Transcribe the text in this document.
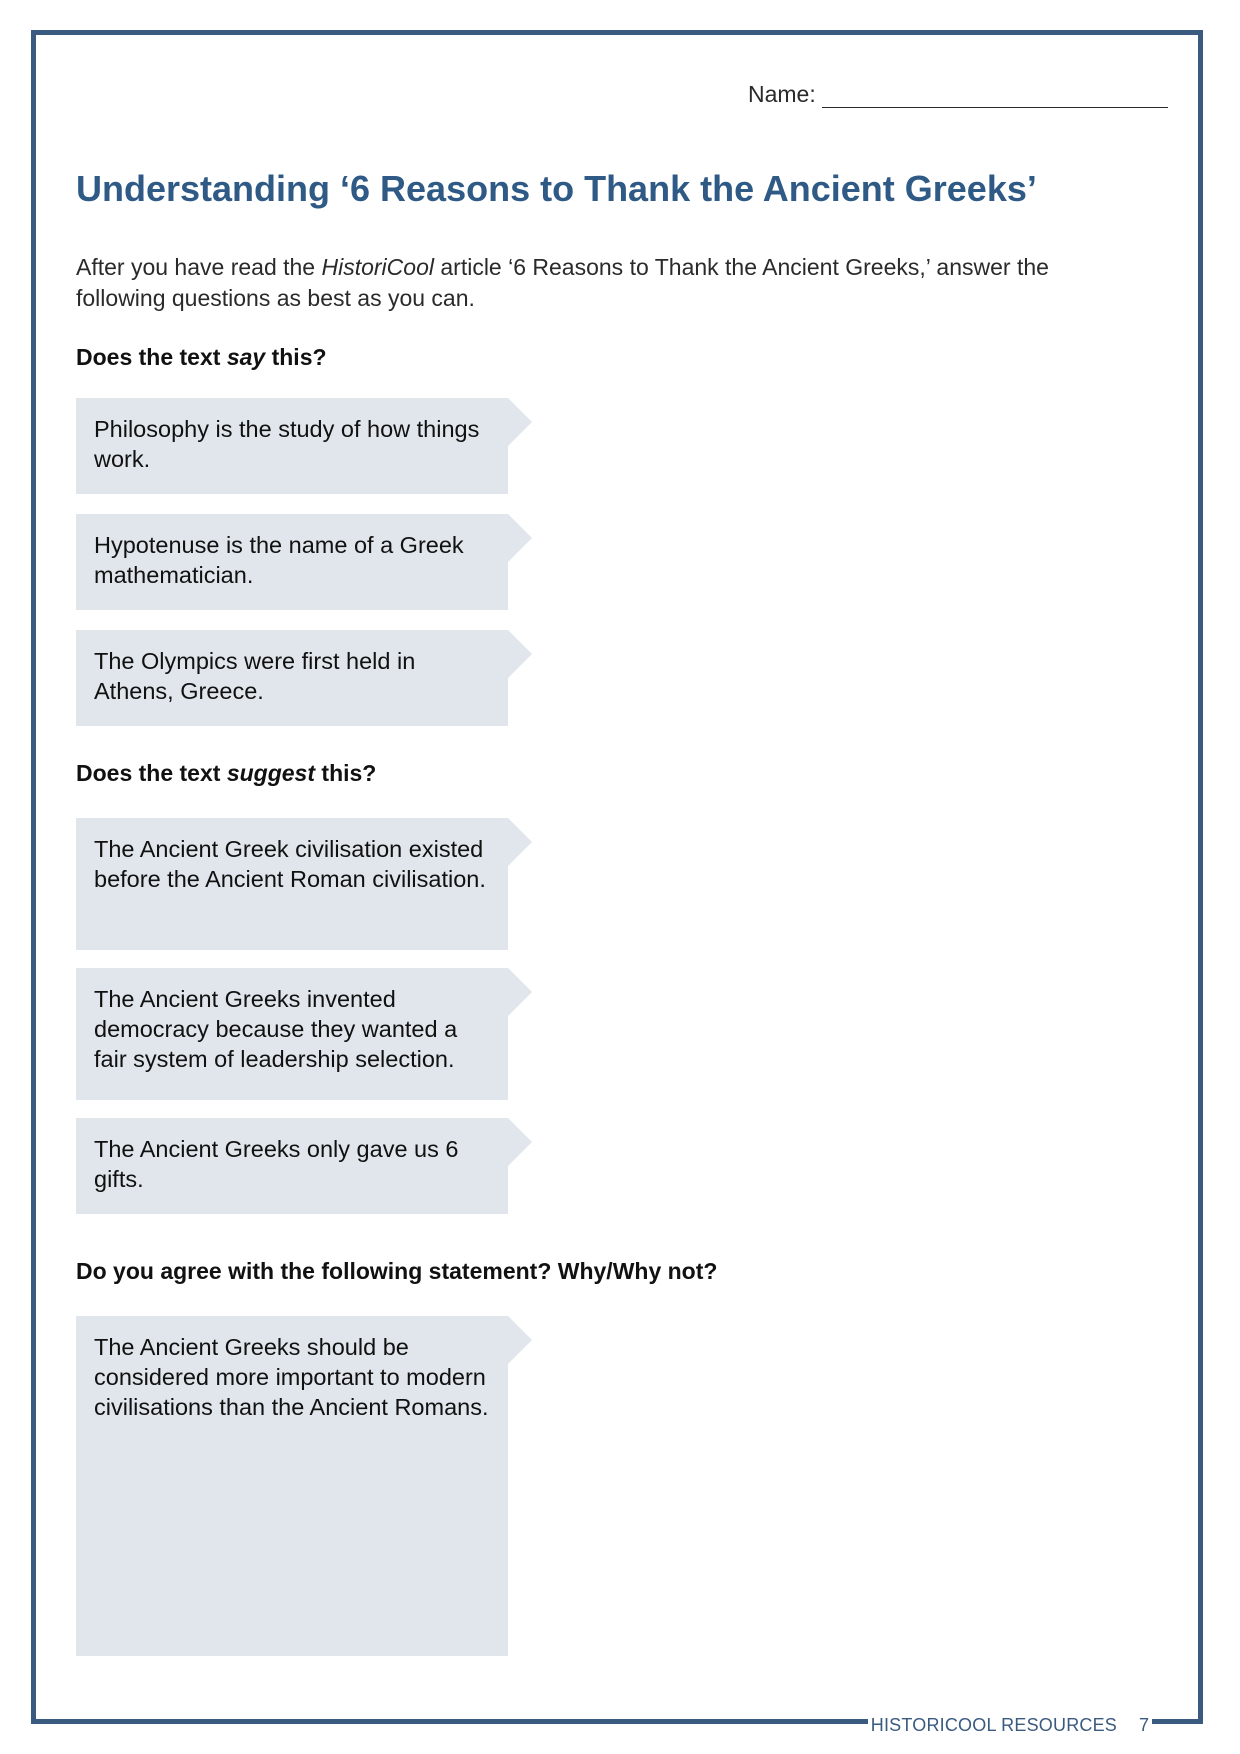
HISTORICOOL RESOURCES 7
Name:
Understanding ‘6 Reasons to Thank the Ancient Greeks’

After you have read the HistoriCool article ‘6 Reasons to Thank the Ancient Greeks,’ answer the following questions as best as you can.

Does the text say this?
Philosophy is the study of how things work.
Hypotenuse is the name of a Greek mathematician.
The Olympics were first held in Athens, Greece.
Does the text suggest this?
The Ancient Greek civilisation existed before the Ancient Roman civilisation.
The Ancient Greeks invented democracy because they wanted a fair system of leadership selection.
The Ancient Greeks only gave us 6 gifts.
Do you agree with the following statement? Why/Why not?
The Ancient Greeks should be considered more important to modern civilisations than the Ancient Romans.
